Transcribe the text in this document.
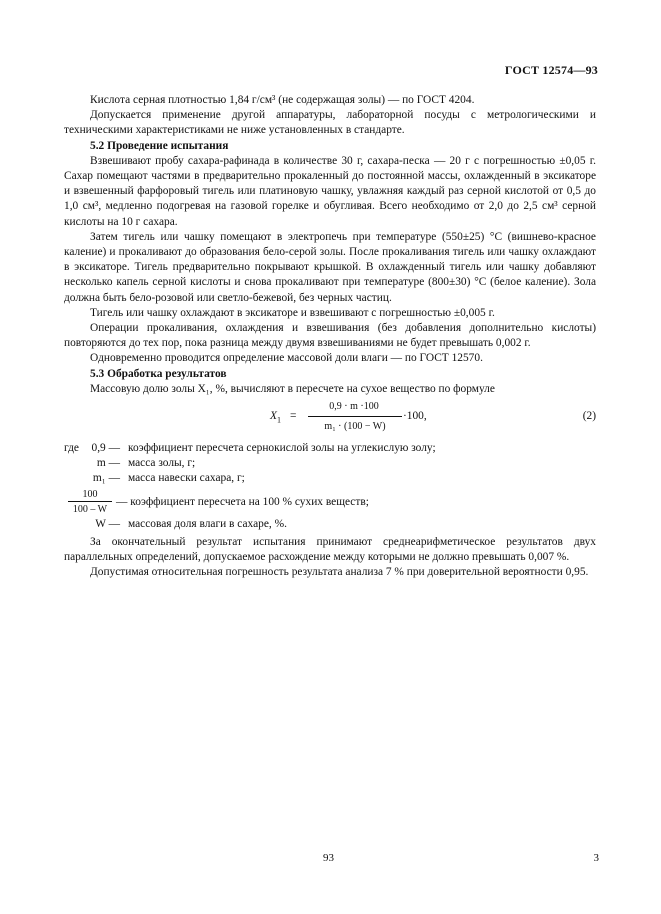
ГОСТ 12574—93

Кислота серная плотностью 1,84 г/см³ (не содержащая золы) — по ГОСТ 4204.

Допускается применение другой аппаратуры, лабораторной посуды с метрологическими и техническими характеристиками не ниже установленных в стандарте.

5.2 Проведение испытания

Взвешивают пробу сахара-рафинада в количестве 30 г, сахара-песка — 20 г с погрешностью ±0,05 г. Сахар помещают частями в предварительно прокаленный до постоянной массы, охлажденный в эксикаторе и взвешенный фарфоровый тигель или платиновую чашку, увлажняя каждый раз серной кислотой от 0,5 до 1,0 см³, медленно подогревая на газовой горелке и обугливая. Всего необходимо от 2,0 до 2,5 см³ серной кислоты на 10 г сахара.

Затем тигель или чашку помещают в электропечь при температуре (550±25) °С (вишнево-красное каление) и прокаливают до образования бело-серой золы. После прокаливания тигель или чашку охлаждают в эксикаторе. Тигель предварительно покрывают крышкой. В охлажденный тигель или чашку добавляют несколько капель серной кислоты и снова прокаливают при температуре (800±30) °С (белое каление). Зола должна быть бело-розовой или светло-бежевой, без черных частиц.

Тигель или чашку охлаждают в эксикаторе и взвешивают с погрешностью ±0,005 г.

Операции прокаливания, охлаждения и взвешивания (без добавления дополнительно кислоты) повторяются до тех пор, пока разница между двумя взвешиваниями не будет превышать 0,002 г.

Одновременно проводится определение массовой доли влаги — по ГОСТ 12570.

5.3 Обработка результатов

Массовую долю золы X₁, %, вычисляют в пересчете на сухое вещество по формуле

$X_1$ =
0,9 · m ·100
m₁ · (100 − W)
·100,	(2)
где	0,9 — коэффициент пересчета сернокислой золы на углекислую золу;
m — масса золы, г;
m₁ — масса навески сахара, г;
100
100 – W
— коэффициент пересчета на 100 % сухих веществ;
W — массовая доля влаги в сахаре, %.

За окончательный результат испытания принимают среднеарифметическое результатов двух параллельных определений, допускаемое расхождение между которыми не должно превышать 0,007 %.

Допустимая относительная погрешность результата анализа 7 % при доверительной вероятности 0,95.

93	3
